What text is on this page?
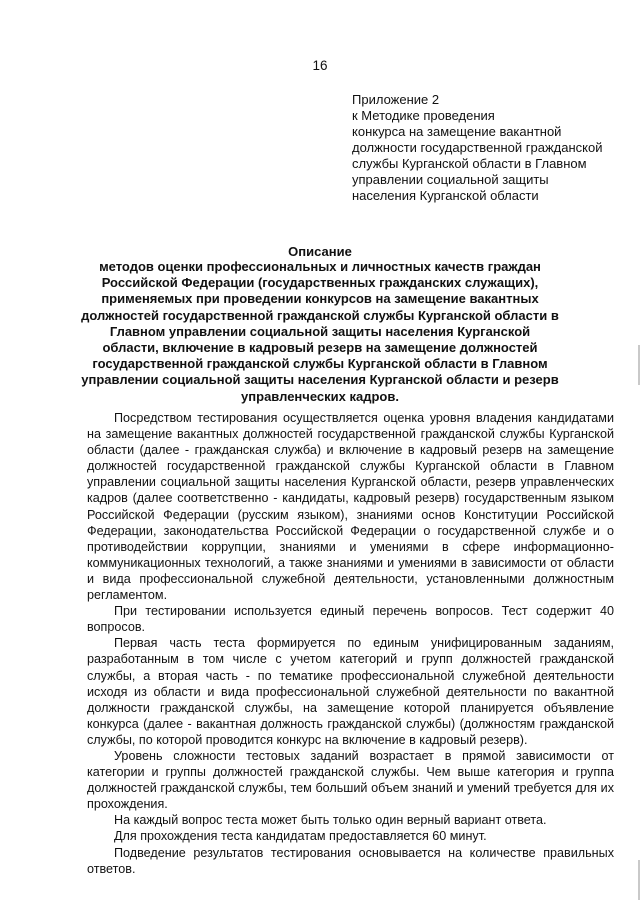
16
Приложение 2
к Методике проведения
конкурса на замещение вакантной
должности государственной гражданской
службы Курганской области в Главном
управлении социальной защиты
населения Курганской области
Описание
методов оценки профессиональных и личностных качеств граждан Российской Федерации (государственных гражданских служащих), применяемых при проведении конкурсов на замещение вакантных должностей государственной гражданской службы Курганской области в Главном управлении социальной защиты населения Курганской области, включение в кадровый резерв на замещение должностей государственной гражданской службы Курганской области в Главном управлении социальной защиты населения Курганской области и резерв управленческих кадров.

Посредством тестирования осуществляется оценка уровня владения кандидатами на замещение вакантных должностей государственной гражданской службы Курганской области (далее - гражданская служба) и включение в кадровый резерв на замещение должностей государственной гражданской службы Курганской области в Главном управлении социальной защиты населения Курганской области, резерв управленческих кадров (далее соответственно - кандидаты, кадровый резерв) государственным языком Российской Федерации (русским языком), знаниями основ Конституции Российской Федерации, законодательства Российской Федерации о государственной службе и о противодействии коррупции, знаниями и умениями в сфере информационно-коммуникационных технологий, а также знаниями и умениями в зависимости от области и вида профессиональной служебной деятельности, установленными должностным регламентом.

При тестировании используется единый перечень вопросов. Тест содержит 40 вопросов.

Первая часть теста формируется по единым унифицированным заданиям, разработанным в том числе с учетом категорий и групп должностей гражданской службы, а вторая часть - по тематике профессиональной служебной деятельности исходя из области и вида профессиональной служебной деятельности по вакантной должности гражданской службы, на замещение которой планируется объявление конкурса (далее - вакантная должность гражданской службы) (должностям гражданской службы, по которой проводится конкурс на включение в кадровый резерв).

Уровень сложности тестовых заданий возрастает в прямой зависимости от категории и группы должностей гражданской службы. Чем выше категория и группа должностей гражданской службы, тем больший объем знаний и умений требуется для их прохождения.

На каждый вопрос теста может быть только один верный вариант ответа.

Для прохождения теста кандидатам предоставляется 60 минут.

Подведение результатов тестирования основывается на количестве правильных ответов.
